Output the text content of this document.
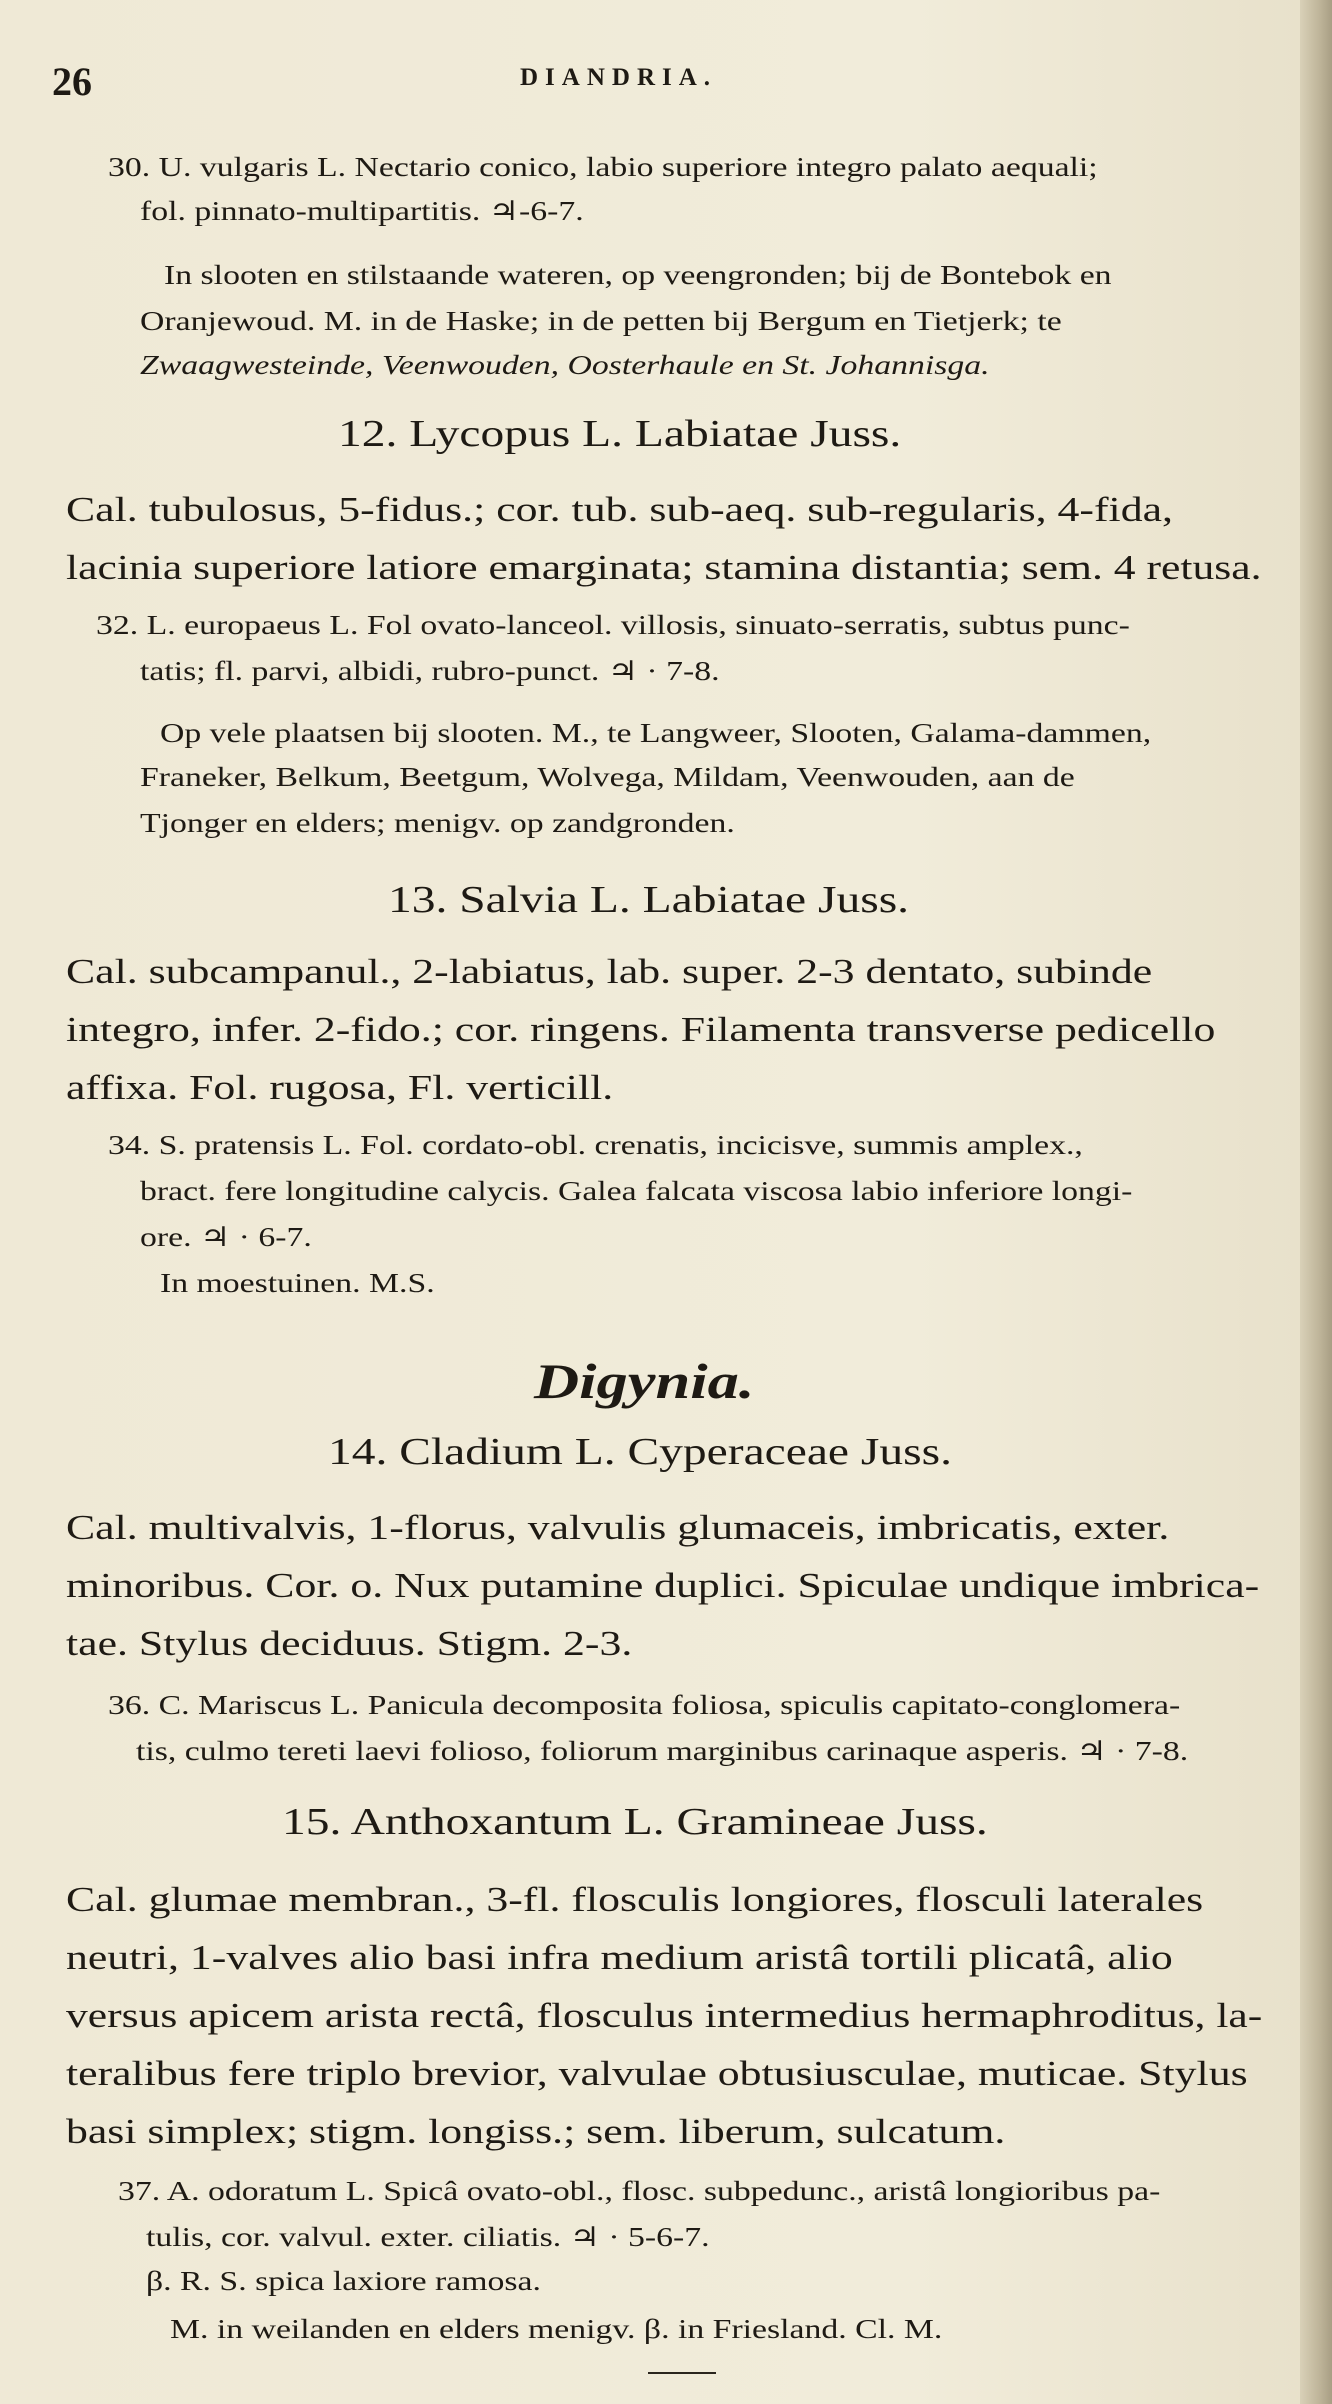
26	DIANDRIA.
30. U. vulgaris L. Nectario conico, labio superiore integro palato aequali;
fol. pinnato-multipartitis. ♃-6-7.
In slooten en stilstaande wateren, op veengronden; bij de Bontebok en
Oranjewoud. M. in de Haske; in de petten bij Bergum en Tietjerk; te
Zwaagwesteinde, Veenwouden, Oosterhaule en St. Johannisga.
12. Lycopus L. Labiatae Juss.
Cal. tubulosus, 5-fidus.; cor. tub. sub-aeq. sub-regularis, 4-fida,
lacinia superiore latiore emarginata; stamina distantia; sem. 4 retusa.
32. L. europaeus L. Fol ovato-lanceol. villosis, sinuato-serratis, subtus punc-
tatis; fl. parvi, albidi, rubro-punct. ♃ · 7-8.
Op vele plaatsen bij slooten. M., te Langweer, Slooten, Galama-dammen,
Franeker, Belkum, Beetgum, Wolvega, Mildam, Veenwouden, aan de
Tjonger en elders; menigv. op zandgronden.
13. Salvia L. Labiatae Juss.
Cal. subcampanul., 2-labiatus, lab. super. 2-3 dentato, subinde
integro, infer. 2-fido.; cor. ringens. Filamenta transverse pedicello
affixa. Fol. rugosa, Fl. verticill.
34. S. pratensis L. Fol. cordato-obl. crenatis, incicisve, summis amplex.,
bract. fere longitudine calycis. Galea falcata viscosa labio inferiore longi-
ore. ♃ · 6-7.
In moestuinen. M.S.
Digynia.
14. Cladium L. Cyperaceae Juss.
Cal. multivalvis, 1-florus, valvulis glumaceis, imbricatis, exter.
minoribus. Cor. o. Nux putamine duplici. Spiculae undique imbrica-
tae. Stylus deciduus. Stigm. 2-3.
36. C. Mariscus L. Panicula decomposita foliosa, spiculis capitato-conglomera-
tis, culmo tereti laevi folioso, foliorum marginibus carinaque asperis. ♃ · 7-8.
15. Anthoxantum L. Gramineae Juss.
Cal. glumae membran., 3-fl. flosculis longiores, flosculi laterales
neutri, 1-valves alio basi infra medium aristâ tortili plicatâ, alio
versus apicem arista rectâ, flosculus intermedius hermaphroditus, la-
teralibus fere triplo brevior, valvulae obtusiusculae, muticae. Stylus
basi simplex; stigm. longiss.; sem. liberum, sulcatum.
37. A. odoratum L. Spicâ ovato-obl., flosc. subpedunc., aristâ longioribus pa-
tulis, cor. valvul. exter. ciliatis. ♃ · 5-6-7.
β. R. S. spica laxiore ramosa.
M. in weilanden en elders menigv. β. in Friesland. Cl. M.
